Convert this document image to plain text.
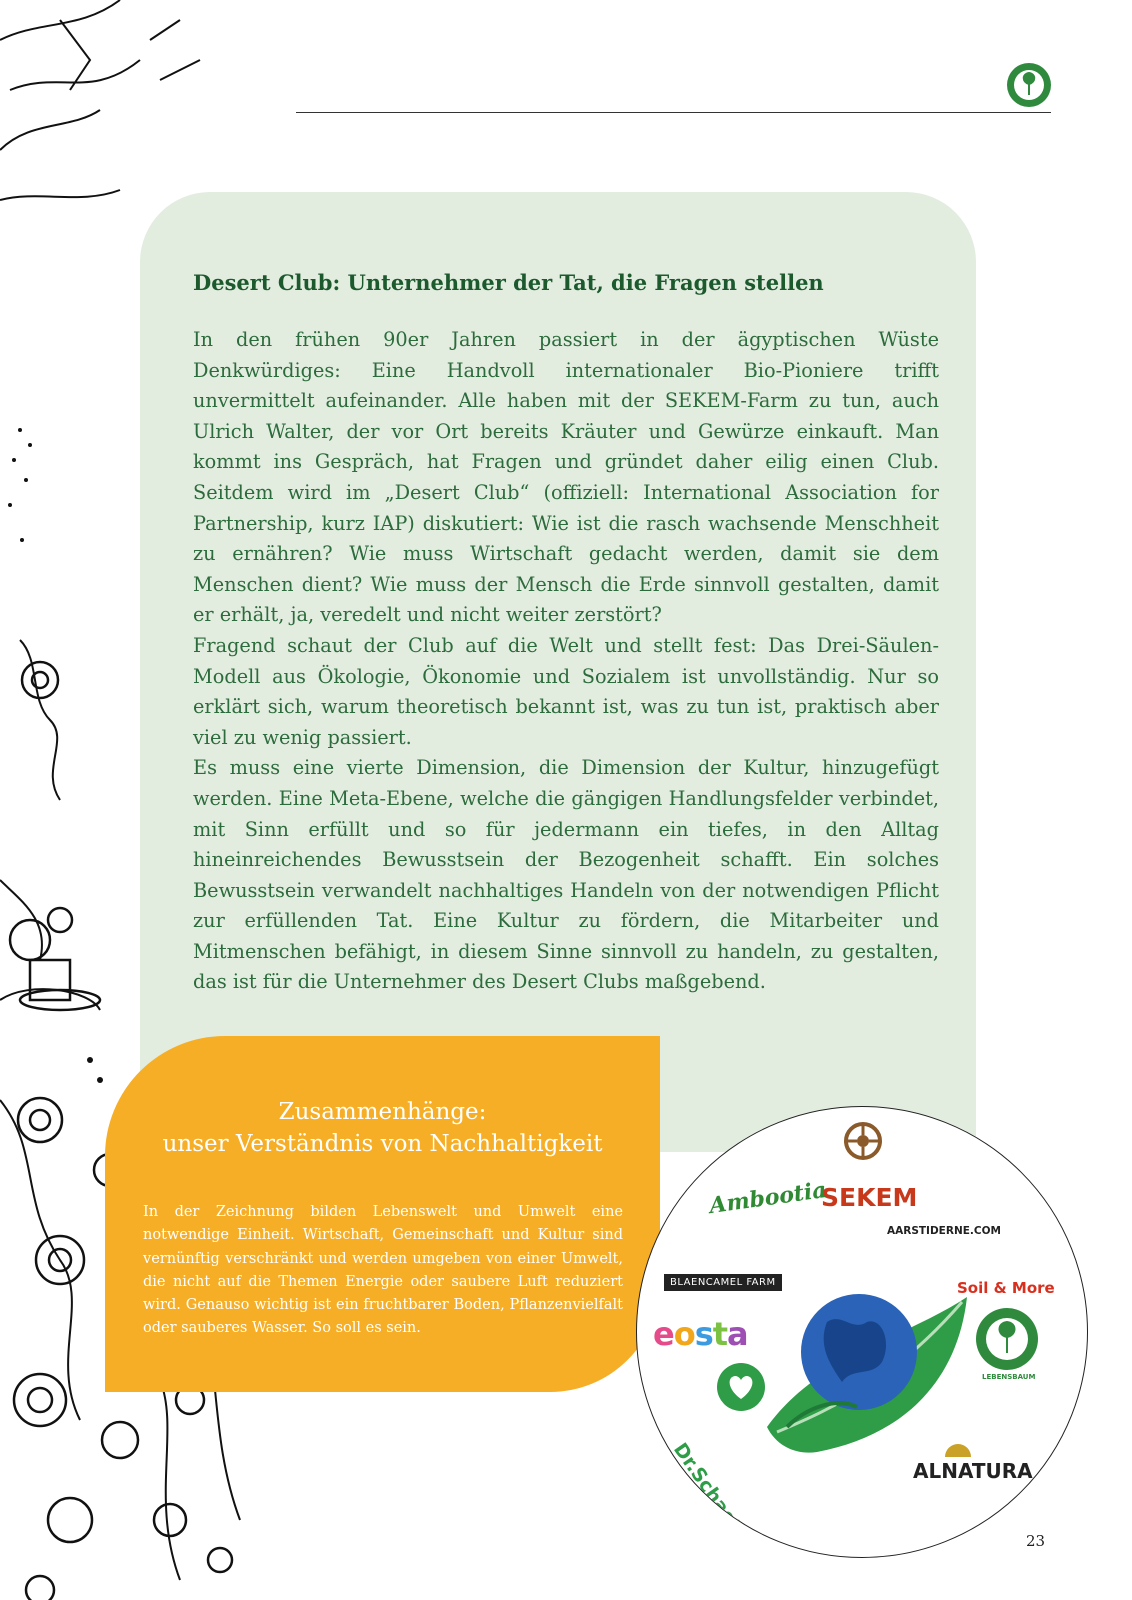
Desert Club: Unternehmer der Tat, die Fragen stellen

In den frühen 90er Jahren passiert in der ägyptischen Wüste Denkwürdiges: Eine Handvoll internationaler Bio-Pioniere trifft unvermittelt aufeinander. Alle haben mit der SEKEM-Farm zu tun, auch Ulrich Walter, der vor Ort bereits Kräuter und Gewürze einkauft. Man kommt ins Gespräch, hat Fragen und gründet daher eilig einen Club. Seitdem wird im „Desert Club“ (offiziell: International Association for Partnership, kurz IAP) diskutiert: Wie ist die rasch wachsende Menschheit zu ernähren? Wie muss Wirtschaft gedacht werden, damit sie dem Menschen dient? Wie muss der Mensch die Erde sinnvoll gestalten, damit er erhält, ja, veredelt und nicht weiter zerstört?
Fragend schaut der Club auf die Welt und stellt fest: Das Drei-Säulen-Modell aus Ökologie, Ökonomie und Sozialem ist unvollständig. Nur so erklärt sich, warum theoretisch bekannt ist, was zu tun ist, praktisch aber viel zu wenig passiert.
Es muss eine vierte Dimension, die Dimension der Kultur, hinzugefügt werden. Eine Meta-Ebene, welche die gängigen Handlungsfelder verbindet, mit Sinn erfüllt und so für jedermann ein tiefes, in den Alltag hineinreichendes Bewusstsein der Bezogenheit schafft. Ein solches Bewusstsein verwandelt nachhaltiges Handeln von der notwendigen Pflicht zur erfüllenden Tat. Eine Kultur zu fördern, die Mitarbeiter und Mitmenschen befähigt, in diesem Sinne sinnvoll zu handeln, zu gestalten, das ist für die Unternehmer des Desert Clubs maßgebend.

Zusammenhänge:
unser Verständnis von Nachhaltigkeit

In der Zeichnung bilden Lebenswelt und Umwelt eine notwendige Einheit. Wirtschaft, Gemeinschaft und Kultur sind vernünftig verschränkt und werden umgeben von einer Umwelt, die nicht auf die Themen Energie oder saubere Luft reduziert wird. Genauso wichtig ist ein fruchtbarer Boden, Pflanzenvielfalt oder sauberes Wasser. So soll es sein.

SEKEM
Ambootia
AARSTIDERNE.COM
BLAENCAMEL FARM	Soil & More
eosta
Dr.Schaette	ALNATURA
LEBENSBAUM
23
